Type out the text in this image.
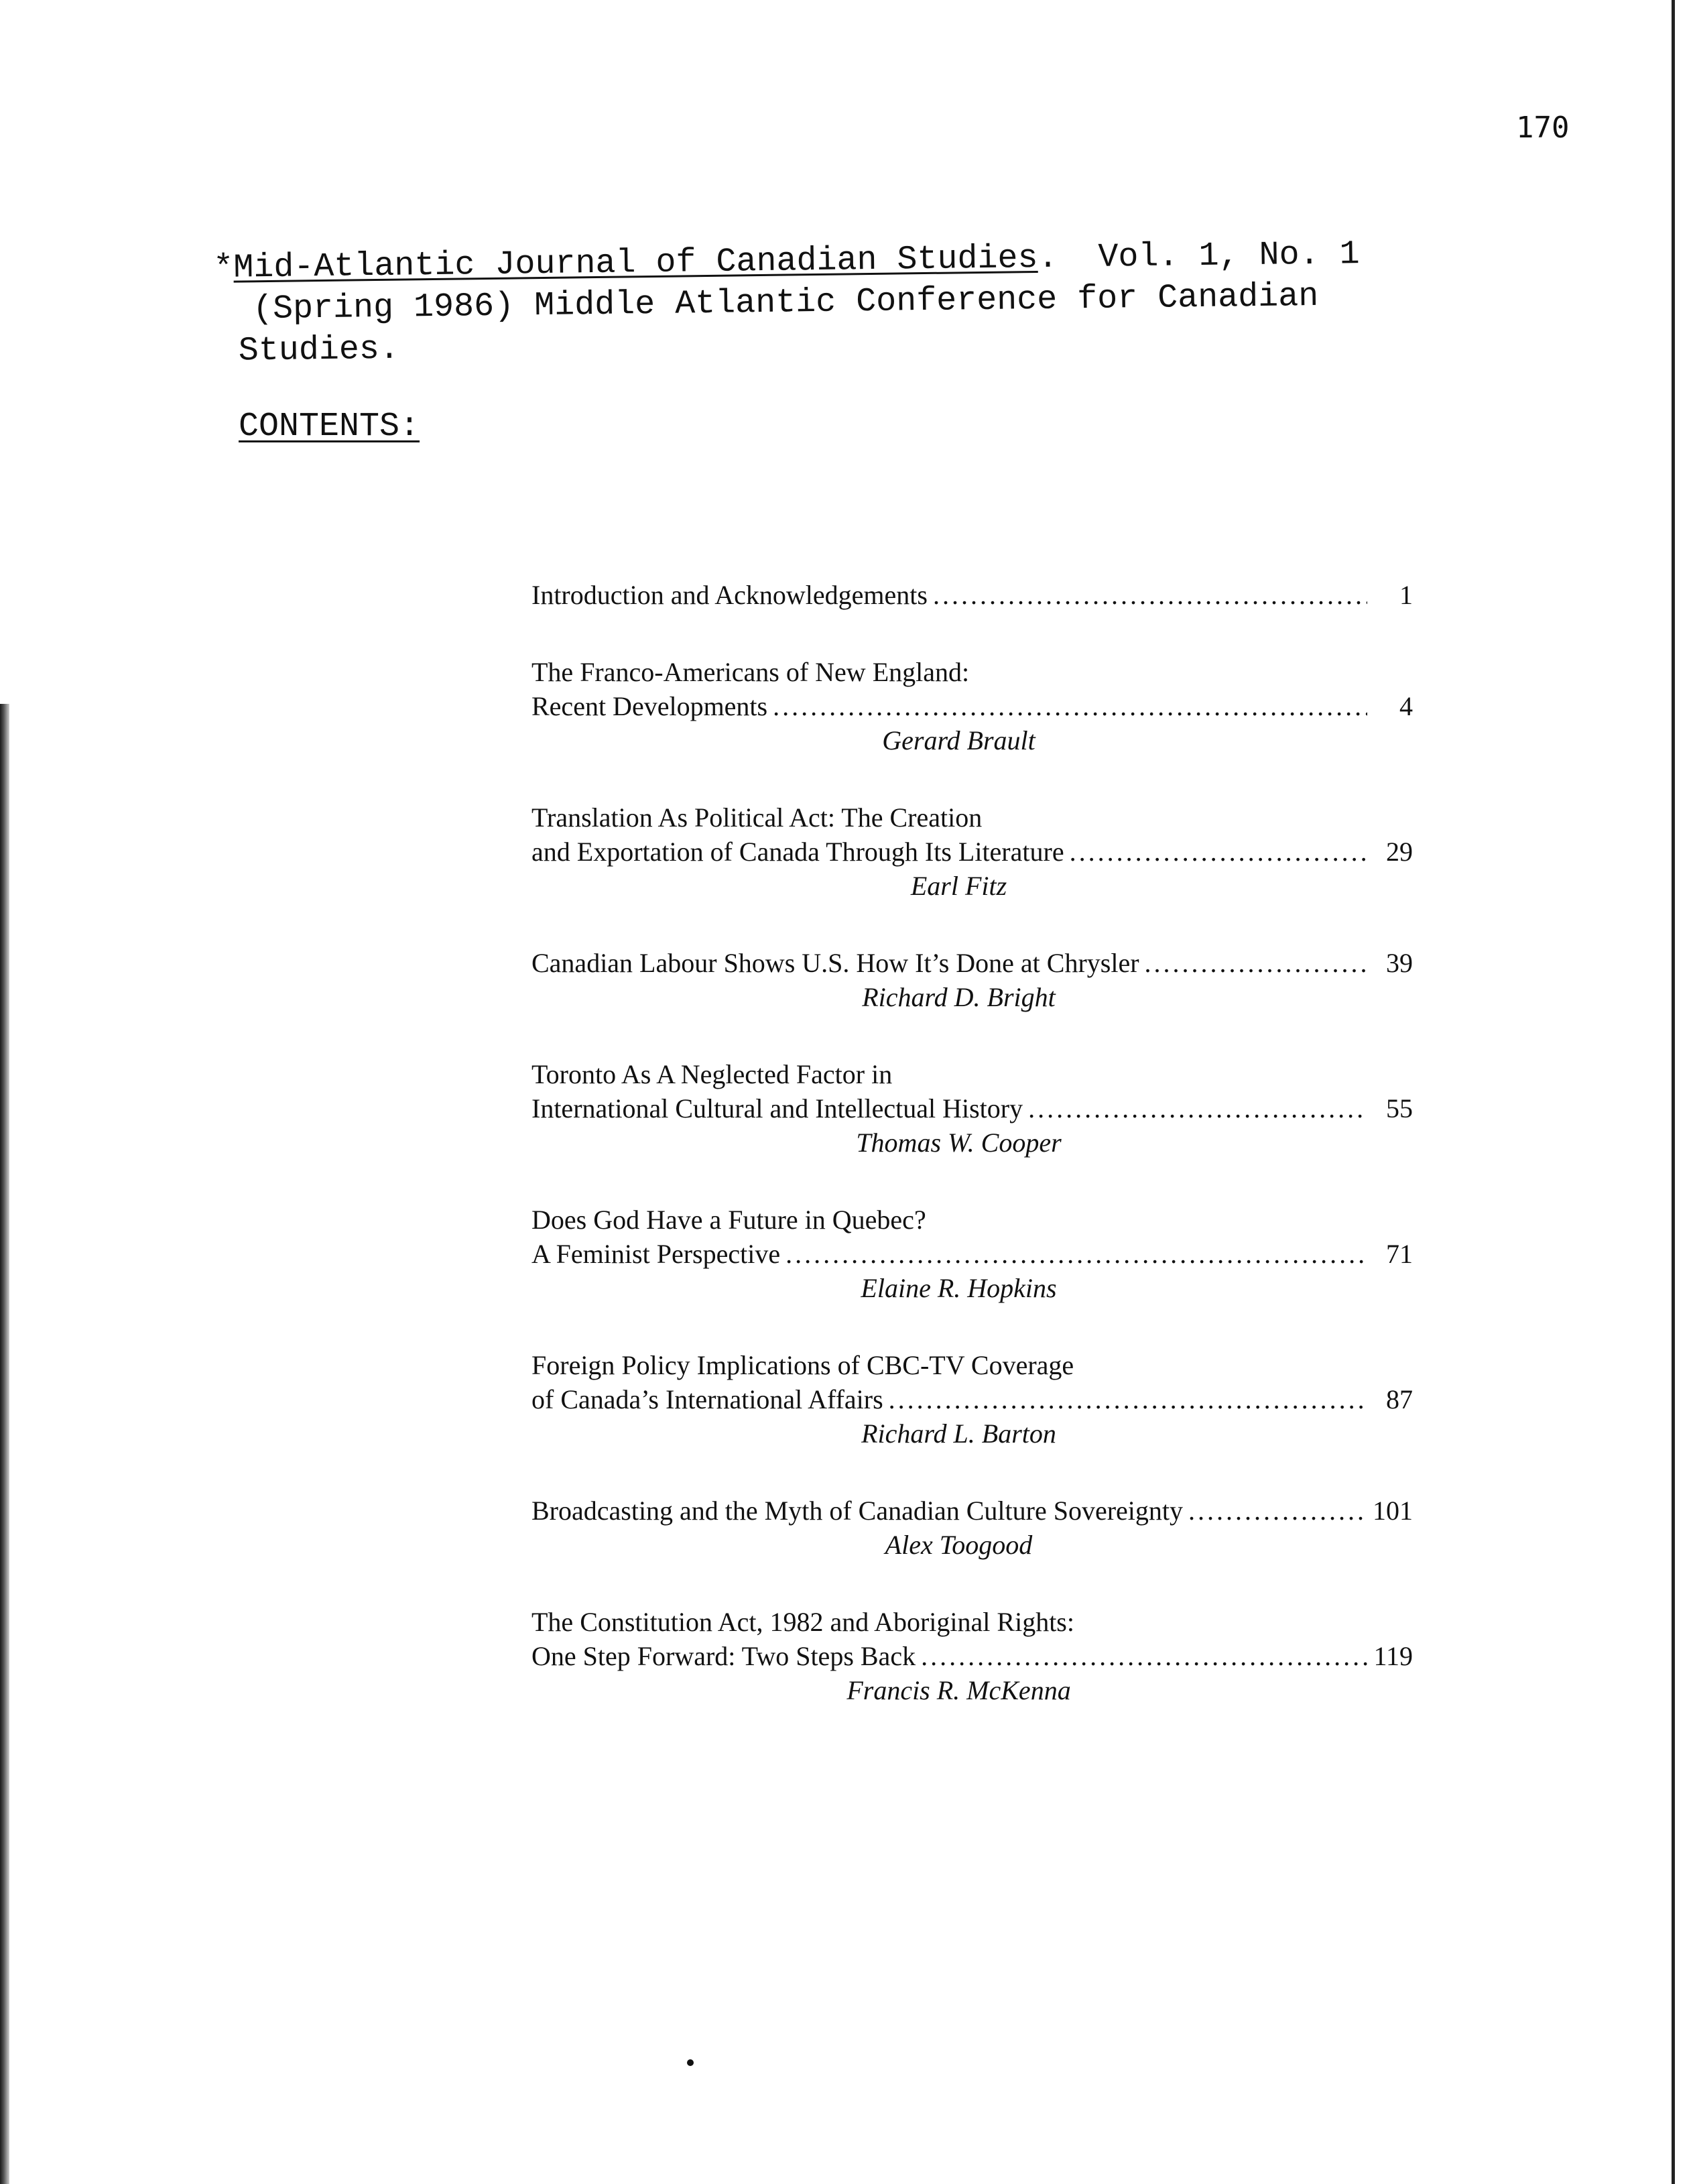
170
*Mid-Atlantic Journal of Canadian Studies. Vol. 1, No. 1
(Spring 1986) Middle Atlantic Conference for Canadian
Studies.
CONTENTS:
Introduction and Acknowledgements .....	1
The Franco-Americans of New England:
Recent Developments .....	4
Gerard Brault
Translation As Political Act: The Creation
and Exportation of Canada Through Its Literature .....	29
Earl Fitz
Canadian Labour Shows U.S. How It’s Done at Chrysler .....	39
Richard D. Bright
Toronto As A Neglected Factor in
International Cultural and Intellectual History .....	55
Thomas W. Cooper
Does God Have a Future in Quebec?
A Feminist Perspective .....	71
Elaine R. Hopkins
Foreign Policy Implications of CBC-TV Coverage
of Canada’s International Affairs .....	87
Richard L. Barton
Broadcasting and the Myth of Canadian Culture Sovereignty .....	101
Alex Toogood
The Constitution Act, 1982 and Aboriginal Rights:
One Step Forward: Two Steps Back .....	119
Francis R. McKenna
